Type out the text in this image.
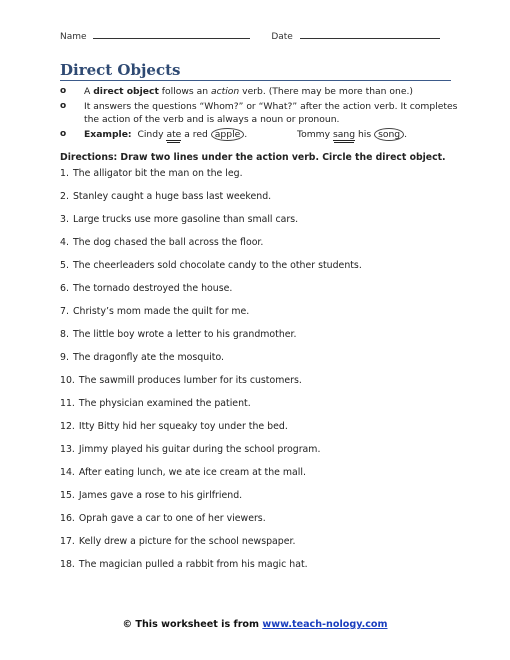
Name	Date
Direct Objects
o A direct object follows an action verb. (There may be more than one.)
o It answers the questions “Whom?” or “What?” after the action verb. It completes the action of the verb and is always a noun or pronoun.
o Example: Cindy ate a red apple .	Tommy sang his song .
Directions: Draw two lines under the action verb. Circle the direct object.
1. The alligator bit the man on the leg.
2. Stanley caught a huge bass last weekend.
3. Large trucks use more gasoline than small cars.
4. The dog chased the ball across the floor.
5. The cheerleaders sold chocolate candy to the other students.
6. The tornado destroyed the house.
7. Christy’s mom made the quilt for me.
8. The little boy wrote a letter to his grandmother.
9. The dragonfly ate the mosquito.
10. The sawmill produces lumber for its customers.
11. The physician examined the patient.
12. Itty Bitty hid her squeaky toy under the bed.
13. Jimmy played his guitar during the school program.
14. After eating lunch, we ate ice cream at the mall.
15. James gave a rose to his girlfriend.
16. Oprah gave a car to one of her viewers.
17. Kelly drew a picture for the school newspaper.
18. The magician pulled a rabbit from his magic hat.
© This worksheet is from www.teach-nology.com
